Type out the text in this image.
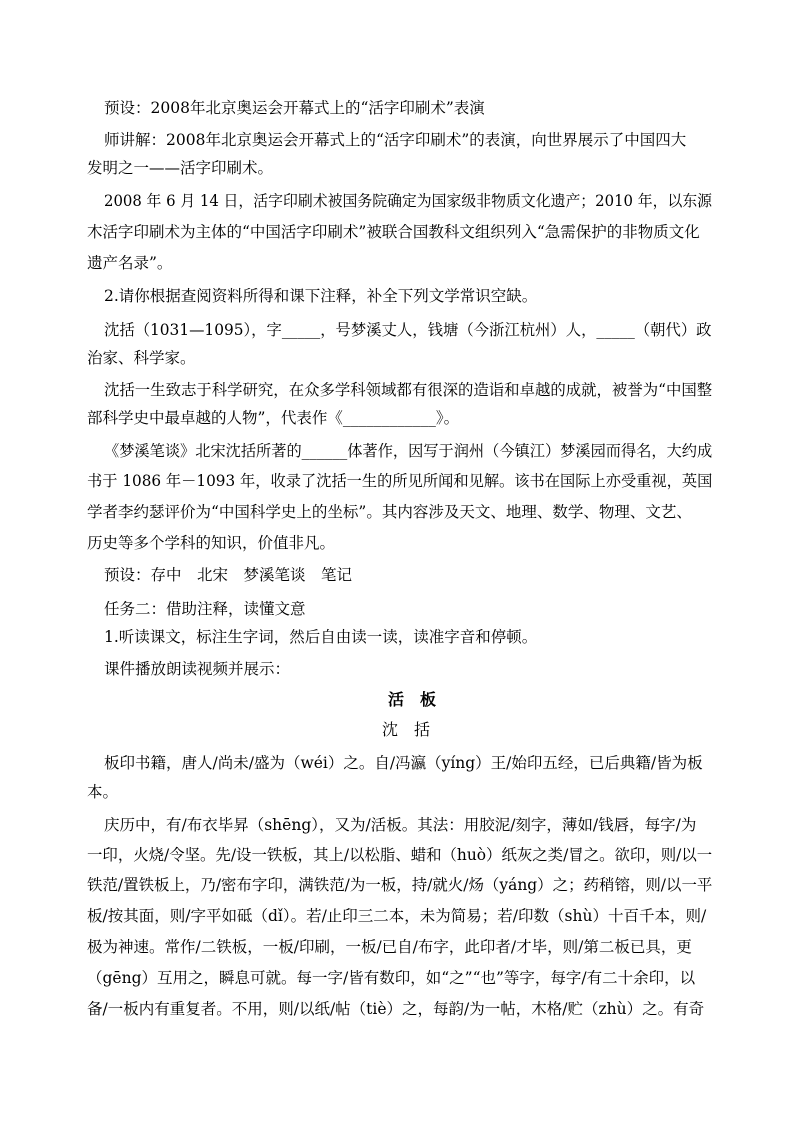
预设：2008年北京奥运会开幕式上的“活字印刷术”表演
师讲解：2008年北京奥运会开幕式上的“活字印刷术”的表演，向世界展示了中国四大
发明之一——活字印刷术。
2008 年 6 月 14 日，活字印刷术被国务院确定为国家级非物质文化遗产；2010 年，以东源
木活字印刷术为主体的“中国活字印刷术”被联合国教科文组织列入“急需保护的非物质文化
遗产名录”。
2.请你根据查阅资料所得和课下注释，补全下列文学常识空缺。
沈括（1031—1095），字_____，号梦溪丈人，钱塘（今浙江杭州）人，_____（朝代）政
治家、科学家。
沈括一生致志于科学研究，在众多学科领域都有很深的造诣和卓越的成就，被誉为“中国整
部科学史中最卓越的人物”，代表作《____________》。
《梦溪笔谈》北宋沈括所著的______体著作，因写于润州（今镇江）梦溪园而得名，大约成
书于 1086 年－1093 年，收录了沈括一生的所见所闻和见解。该书在国际上亦受重视，英国
学者李约瑟评价为“中国科学史上的坐标”。其内容涉及天文、地理、数学、物理、文艺、
历史等多个学科的知识，价值非凡。
预设：存中　北宋　梦溪笔谈　笔记
任务二：借助注释，读懂文意
1.听读课文，标注生字词，然后自由读一读，读准字音和停顿。
课件播放朗读视频并展示：
活　板
沈　括
板印书籍，唐人/尚未/盛为（wéi）之。自/冯瀛（yíng）王/始印五经，已后典籍/皆为板
本。
庆历中，有/布衣毕昇（shēng），又为/活板。其法：用胶泥/刻字，薄如/钱唇，每字/为
一印，火烧/令坚。先/设一铁板，其上/以松脂、蜡和（huò）纸灰之类/冒之。欲印，则/以一
铁范/置铁板上，乃/密布字印，满铁范/为一板，持/就火/炀（yáng）之；药稍镕，则/以一平
板/按其面，则/字平如砥（dǐ）。若/止印三二本，未为简易；若/印数（shù）十百千本，则/
极为神速。常作/二铁板，一板/印刷，一板/已自/布字，此印者/才毕，则/第二板已具，更
（gēng）互用之，瞬息可就。每一字/皆有数印，如“之”“也”等字，每字/有二十余印，以
备/一板内有重复者。不用，则/以纸/帖（tiè）之，每韵/为一帖，木格/贮（zhù）之。有奇
